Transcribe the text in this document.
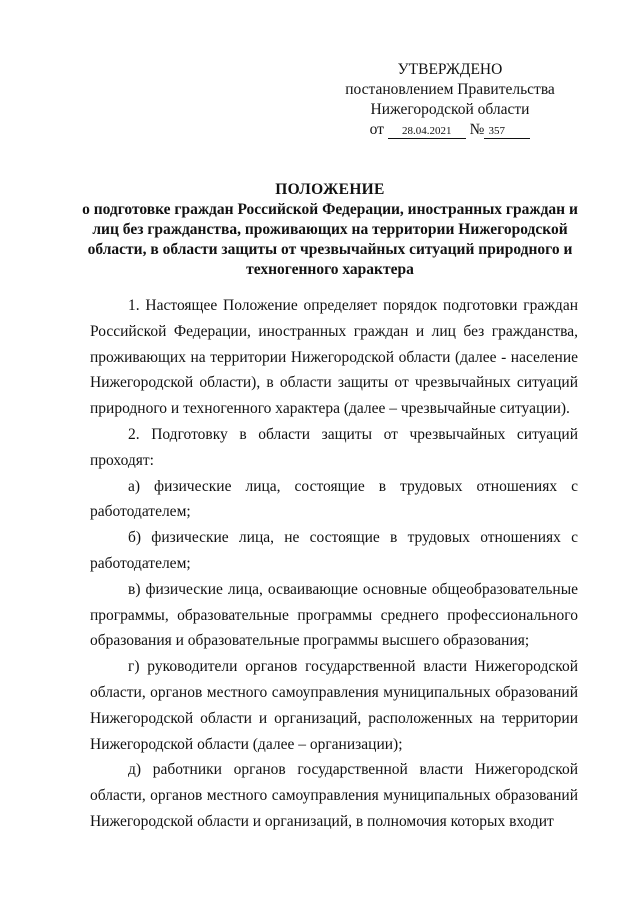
УТВЕРЖДЕНО
постановлением Правительства
Нижегородской области
от 28.04.2021 № 357
ПОЛОЖЕНИЕ
о подготовке граждан Российской Федерации, иностранных граждан и лиц без гражданства, проживающих на территории Нижегородской области, в области защиты от чрезвычайных ситуаций природного и техногенного характера

1. Настоящее Положение определяет порядок подготовки граждан Российской Федерации, иностранных граждан и лиц без гражданства, проживающих на территории Нижегородской области (далее - население Нижегородской области), в области защиты от чрезвычайных ситуаций природного и техногенного характера (далее – чрезвычайные ситуации).

2. Подготовку в области защиты от чрезвычайных ситуаций проходят:

а) физические лица, состоящие в трудовых отношениях с работодателем;

б) физические лица, не состоящие в трудовых отношениях с работодателем;

в) физические лица, осваивающие основные общеобразовательные программы, образовательные программы среднего профессионального образования и образовательные программы высшего образования;

г) руководители органов государственной власти Нижегородской области, органов местного самоуправления муниципальных образований Нижегородской области и организаций, расположенных на территории Нижегородской области (далее – организации);

д) работники органов государственной власти Нижегородской области, органов местного самоуправления муниципальных образований Нижегородской области и организаций, в полномочия которых входит
